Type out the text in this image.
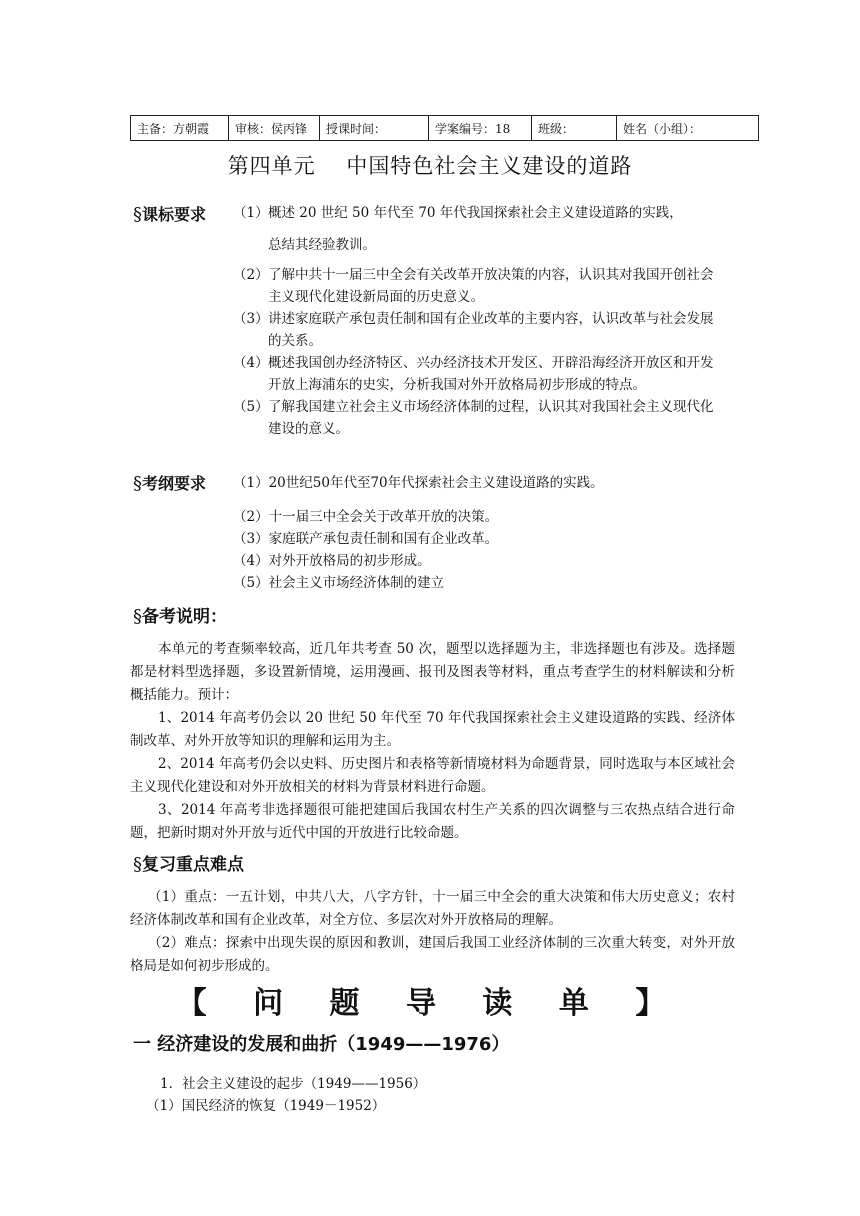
主备：方朝霞	审核：侯丙锋	授课时间：	学案编号：18	班级：	姓名（小组）：
第四单元    中国特色社会主义建设的道路
§课标要求 （1） 概述 20 世纪 50 年代至 70 年代我国探索社会主义建设道路的实践，
总结其经验教训。
（2） 了解中共十一届三中全会有关改革开放决策的内容，认识其对我国开创社会主义现代化建设新局面的历史意义。
（3） 讲述家庭联产承包责任制和国有企业改革的主要内容，认识改革与社会发展的关系。
（4） 概述我国创办经济特区、兴办经济技术开发区、开辟沿海经济开放区和开发开放上海浦东的史实，分析我国对外开放格局初步形成的特点。
（5） 了解我国建立社会主义市场经济体制的过程，认识其对我国社会主义现代化建设的意义。
§考纲要求 （1）20世纪50年代至70年代探索社会主义建设道路的实践。
（2）十一届三中全会关于改革开放的决策。
（3）家庭联产承包责任制和国有企业改革。
（4）对外开放格局的初步形成。
（5）社会主义市场经济体制的建立
§备考说明：

本单元的考查频率较高，近几年共考查 50 次，题型以选择题为主，非选择题也有涉及。选择题都是材料型选择题，多设置新情境，运用漫画、报刊及图表等材料，重点考查学生的材料解读和分析概括能力。预计：

1、2014 年高考仍会以 20 世纪 50 年代至 70 年代我国探索社会主义建设道路的实践、经济体制改革、对外开放等知识的理解和运用为主。

2、2014 年高考仍会以史料、历史图片和表格等新情境材料为命题背景，同时选取与本区域社会主义现代化建设和对外开放相关的材料为背景材料进行命题。

3、2014 年高考非选择题很可能把建国后我国农村生产关系的四次调整与三农热点结合进行命题，把新时期对外开放与近代中国的开放进行比较命题。

§复习重点难点

（1）重点：一五计划，中共八大，八字方针，十一届三中全会的重大决策和伟大历史意义；农村经济体制改革和国有企业改革，对全方位、多层次对外开放格局的理解。

（2）难点：探索中出现失误的原因和教训，建国后我国工业经济体制的三次重大转变，对外开放格局是如何初步形成的。

【 问 题 导 读 单 】
一 经济建设的发展和曲折（1949——1976）
1．社会主义建设的起步（1949——1956）
（1）国民经济的恢复（1949－1952）
